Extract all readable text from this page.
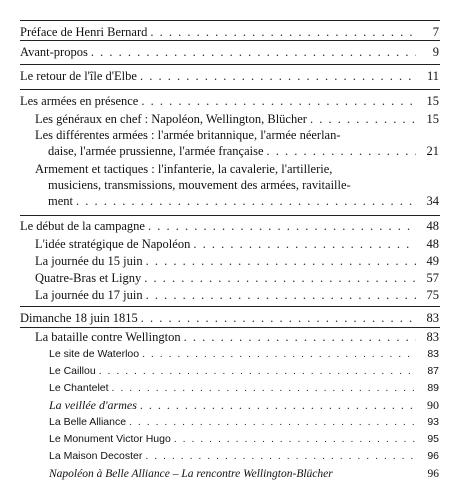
Préface de Henri Bernard . . .	7
Avant-propos . . .	9
Le retour de l'île d'Elbe . . .	11
Les armées en présence . . .	15
Les généraux en chef : Napoléon, Wellington, Blücher . . .	15
Les différentes armées : l'armée britannique, l'armée néerlan-
daise, l'armée prussienne, l'armée française . . .	21
Armement et tactiques : l'infanterie, la cavalerie, l'artillerie,
musiciens, transmissions, mouvement des armées, ravitaille-
ment . . .	34
Le début de la campagne . . .	48
L'idée stratégique de Napoléon . . .	48
La journée du 15 juin . . .	49
Quatre-Bras et Ligny . . .	57
La journée du 17 juin . . .	75
Dimanche 18 juin 1815 . . .	83
La bataille contre Wellington . . .	83
Le site de Waterloo . . .	83
Le Caillou . . .	87
Le Chantelet . . .	89
La veillée d'armes . . .	90
La Belle Alliance . . .	93
Le Monument Victor Hugo . . .	95
La Maison Decoster . . .	96
Napoléon à Belle Alliance – La rencontre Wellington-Blücher	96
